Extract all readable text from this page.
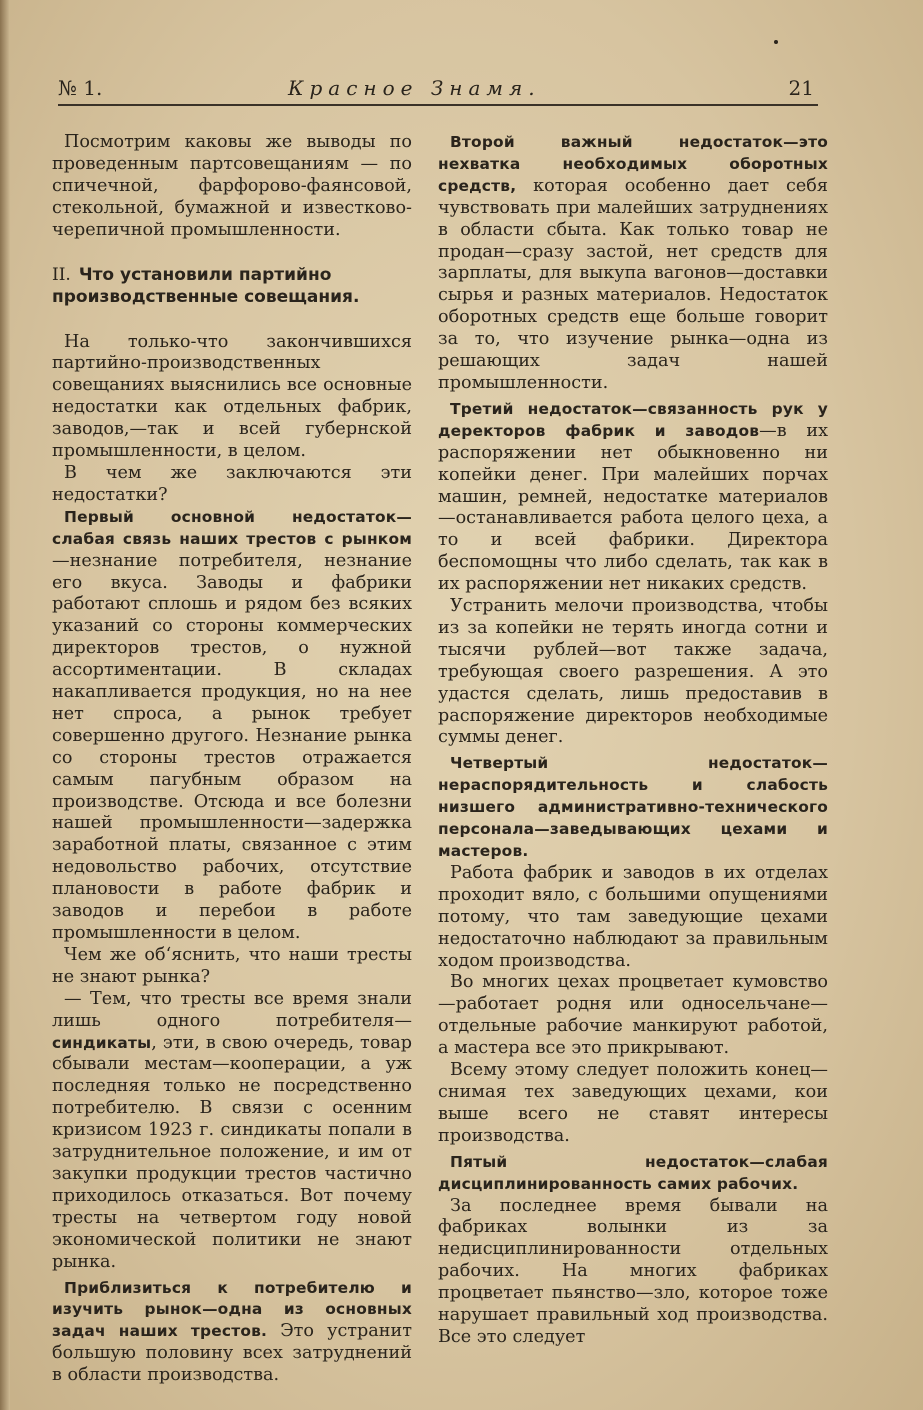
№ 1.	Красное Знамя.	21

Посмотрим каковы же выводы по проведенным партсовещаниям — по спичечной, фарфорово-фаянсовой, стекольной, бумажной и известково-черепичной промышленности.

II. Что установили партийно производственные совещания.

На только-что закончившихся партийно-производственных совещаниях выяснились все основные недостатки как отдельных фабрик, заводов,—так и всей губернской промышленности, в целом.

В чем же заключаются эти недостатки?

Первый основной недостаток—слабая связь наших трестов с рынком—незнание потребителя, незнание его вкуса. Заводы и фабрики работают сплошь и рядом без всяких указаний со стороны коммерческих директоров трестов, о нужной ассортиментации. В складах накапливается продукция, но на нее нет спроса, а рынок требует совершенно другого. Незнание рынка со стороны трестов отражается самым пагубным образом на производстве. Отсюда и все болезни нашей промышленности—задержка заработной платы, связанное с этим недовольство рабочих, отсутствие плановости в работе фабрик и заводов и перебои в работе промышленности в целом.

Чем же об‘яснить, что наши тресты не знают рынка?

— Тем, что тресты все время знали лишь одного потребителя—синдикаты, эти, в свою очередь, товар сбывали местам—кооперации, а уж последняя только не посредственно потребителю. В связи с осенним кризисом 1923 г. синдикаты попали в затруднительное положение, и им от закупки продукции трестов частично приходилось отказаться. Вот почему тресты на четвертом году новой экономической политики не знают рынка.

Приблизиться к потребителю и изучить рынок—одна из основных задач наших трестов. Это устранит большую половину всех затруднений в области производства.

Второй важный недостаток—это нехватка необходимых оборотных средств, которая особенно дает себя чувствовать при малейших затруднениях в области сбыта. Как только товар не продан—сразу застой, нет средств для зарплаты, для выкупа вагонов—доставки сырья и разных материалов. Недостаток оборотных средств еще больше говорит за то, что изучение рынка—одна из решающих задач нашей промышленности.

Третий недостаток—связанность рук у деректоров фабрик и заводов—в их распоряжении нет обыкновенно ни копейки денег. При малейших порчах машин, ремней, недостатке материалов—останавливается работа целого цеха, а то и всей фабрики. Директора беспомощны что либо сделать, так как в их распоряжении нет никаких средств.

Устранить мелочи производства, чтобы из за копейки не терять иногда сотни и тысячи рублей—вот также задача, требующая своего разрешения. А это удастся сделать, лишь предоставив в распоряжение директоров необходимые суммы денег.

Четвертый недостаток—нераспорядительность и слабость низшего административно-технического персонала—заведывающих цехами и мастеров.

Работа фабрик и заводов в их отделах проходит вяло, с большими опущениями потому, что там заведующие цехами недостаточно наблюдают за правильным ходом производства.

Во многих цехах процветает кумовство—работает родня или односельчане—отдельные рабочие манкируют работой, а мастера все это прикрывают.

Всему этому следует положить конец—снимая тех заведующих цехами, кои выше всего не ставят интересы производства.

Пятый недостаток—слабая дисциплинированность самих рабочих.

За последнее время бывали на фабриках волынки из за недисциплинированности отдельных рабочих. На многих фабриках процветает пьянство—зло, которое тоже нарушает правильный ход производства. Все это следует
